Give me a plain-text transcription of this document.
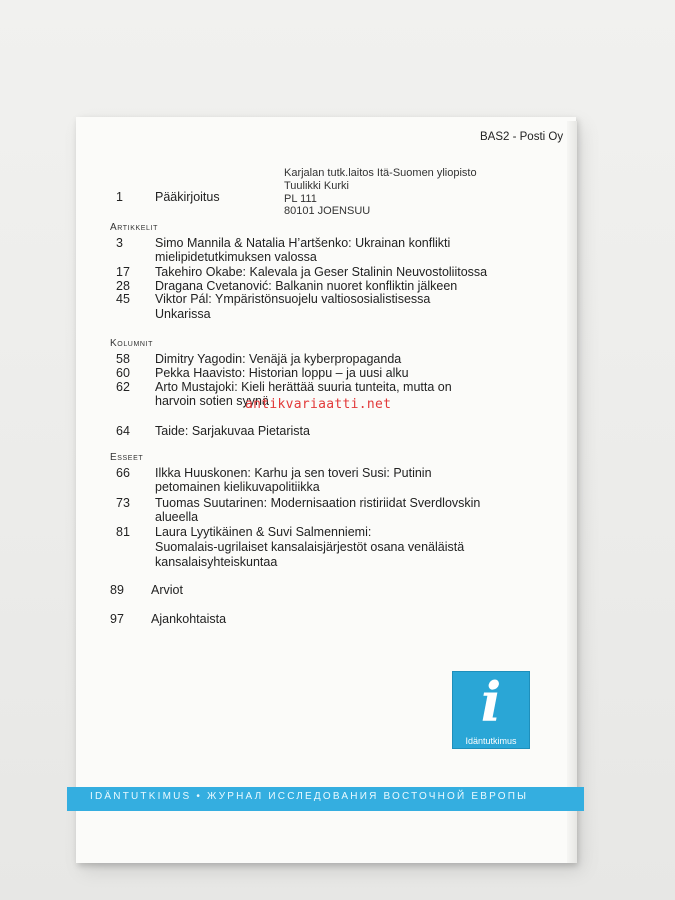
BAS2 - Posti Oy
Karjalan tutk.laitos Itä-Suomen yliopisto
Tuulikki Kurki
PL 111
80101 JOENSUU
1	Pääkirjoitus
Artikkelit
3	Simo Mannila & Natalia H’artšenko: Ukrainan konflikti
mielipidetutkimuksen valossa
17 Takehiro Okabe: Kalevala ja Geser Stalinin Neuvostoliitossa
28 Dragana Cvetanović: Balkanin nuoret konfliktin jälkeen
45 Viktor Pál: Ympäristönsuojelu valtiososialistisessa
Unkarissa
Kolumnit
58 Dimitry Yagodin: Venäjä ja kyberpropaganda
60 Pekka Haavisto: Historian loppu – ja uusi alku
62 Arto Mustajoki: Kieli herättää suuria tunteita, mutta on
harvoin sotien syynä
antikvariaatti.net
64 Taide: Sarjakuvaa Pietarista
Esseet
66 Ilkka Huuskonen: Karhu ja sen toveri Susi: Putinin
petomainen kielikuvapolitiikka
73 Tuomas Suutarinen: Modernisaation ristiriidat Sverdlovskin
alueella
81 Laura Lyytikäinen & Suvi Salmenniemi:
Suomalais-ugrilaiset kansalaisjärjestöt osana venäläistä
kansalaisyhteiskuntaa
89 Arviot
97 Ajankohtaista
i
Idäntutkimus
IDÄNTUTKIMUS • ЖУРНАЛ ИССЛЕДОВАНИЯ ВОСТОЧНОЙ ЕВРОПЫ
